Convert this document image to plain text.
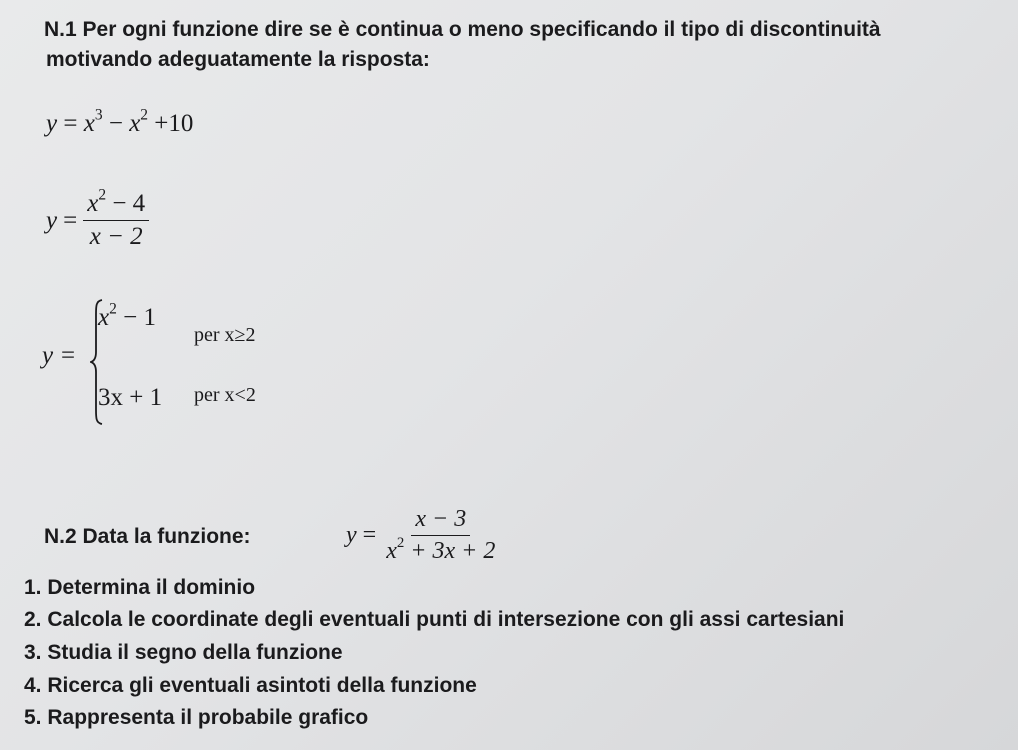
N.1 Per ogni funzione dire se è continua o meno specificando il tipo di discontinuità
motivando adeguatamente la risposta:
$y = x^3 - x^2 +10$
$y = \frac{x^2 - 4}{x - 2}$
y =
$x^2 - 1$
per x≥2
3x + 1 per x<2
N.2 Data la funzione:	$y = \frac{x - 3}{x^2 + 3x + 2}$
1. Determina il dominio
2. Calcola le coordinate degli eventuali punti di intersezione con gli assi cartesiani
3. Studia il segno della funzione
4. Ricerca gli eventuali asintoti della funzione
5. Rappresenta il probabile grafico
